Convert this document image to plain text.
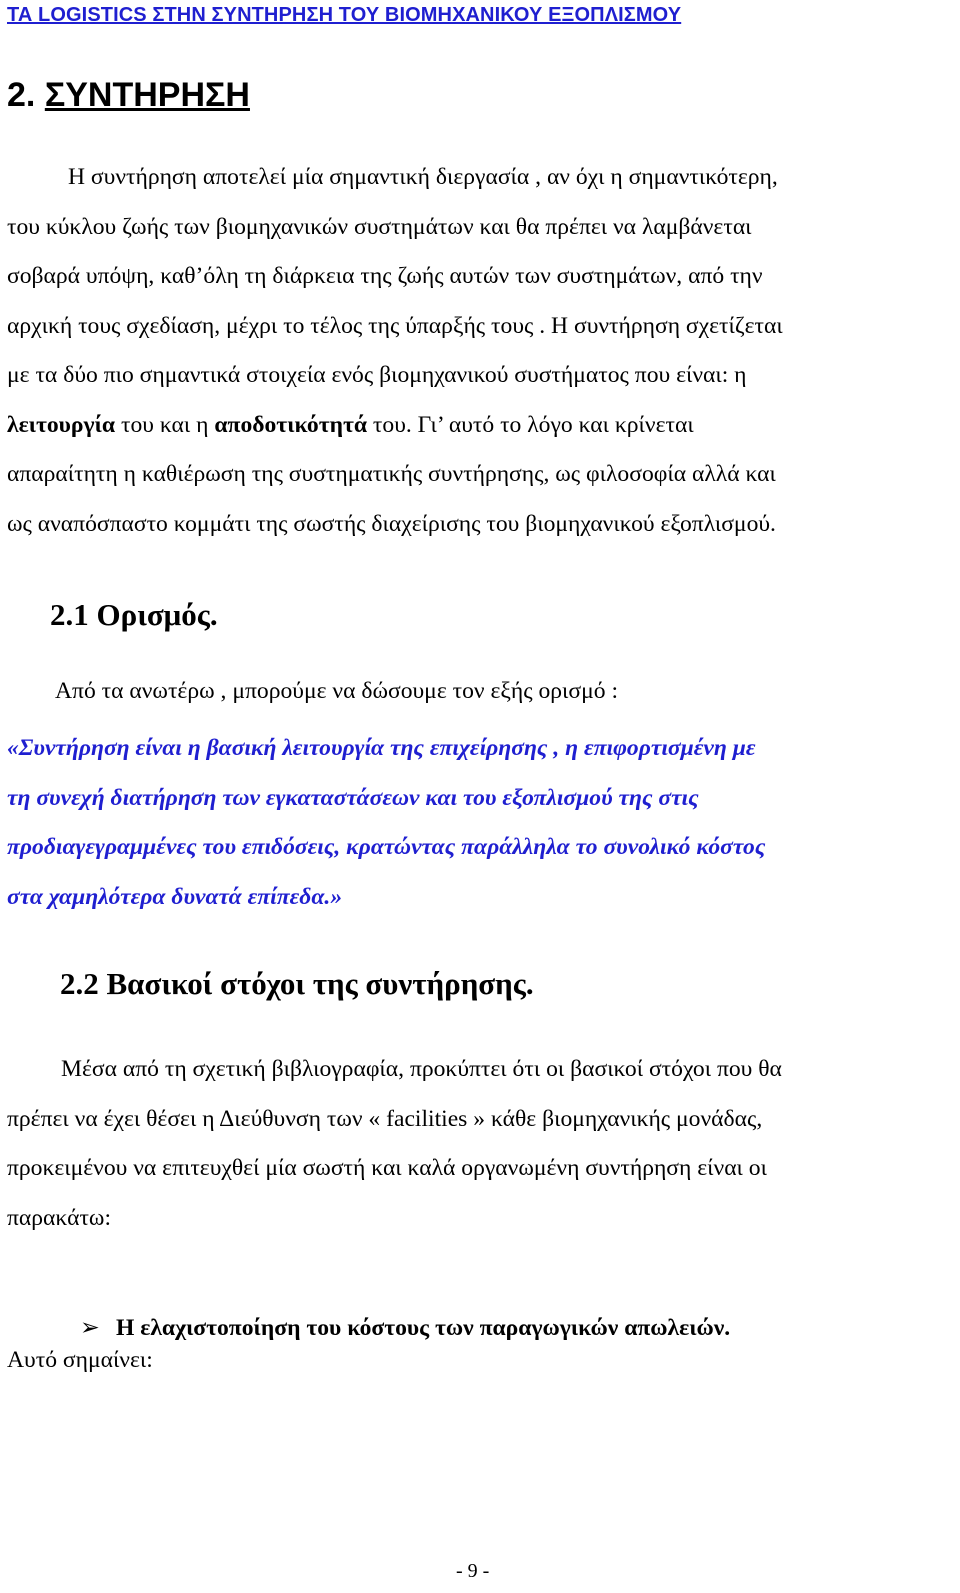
ΤΑ LOGISTICS ΣΤΗΝ ΣΥΝΤΗΡΗΣΗ ΤΟΥ ΒΙΟΜΗΧΑΝΙΚΟΥ ΕΞΟΠΛΙΣΜΟΥ
2. ΣΥΝΤΗΡΗΣΗ
Η συντήρηση αποτελεί μία σημαντική διεργασία , αν όχι η σημαντικότερη,
του κύκλου ζωής των βιομηχανικών συστημάτων και θα πρέπει να λαμβάνεται
σοβαρά υπόψη, καθ’όλη τη διάρκεια της ζωής αυτών των συστημάτων, από την
αρχική τους σχεδίαση, μέχρι το τέλος της ύπαρξής τους . Η συντήρηση σχετίζεται
με τα δύο πιο σημαντικά στοιχεία ενός βιομηχανικού συστήματος που είναι: η
λειτουργία του και η αποδοτικότητά του. Γι’ αυτό το λόγο και κρίνεται
απαραίτητη η καθιέρωση της συστηματικής συντήρησης, ως φιλοσοφία αλλά και
ως αναπόσπαστο κομμάτι της σωστής διαχείρισης του βιομηχανικού εξοπλισμού.
2.1 Ορισμός.
Από τα ανωτέρω , μπορούμε να δώσουμε τον εξής ορισμό :
«Συντήρηση είναι η βασική λειτουργία της επιχείρησης , η επιφορτισμένη με
τη συνεχή διατήρηση των εγκαταστάσεων και του εξοπλισμού της στις
προδιαγεγραμμένες του επιδόσεις, κρατώντας παράλληλα το συνολικό κόστος
στα χαμηλότερα δυνατά επίπεδα.»
2.2 Βασικοί στόχοι της συντήρησης.
Μέσα από τη σχετική βιβλιογραφία, προκύπτει ότι οι βασικοί στόχοι που θα
πρέπει να έχει θέσει η Διεύθυνση των « facilities » κάθε βιομηχανικής μονάδας,
προκειμένου να επιτευχθεί μία σωστή και καλά οργανωμένη συντήρηση είναι οι
παρακάτω:
➢ Η ελαχιστοποίηση του κόστους των παραγωγικών απωλειών.
Αυτό σημαίνει:
- 9 -
